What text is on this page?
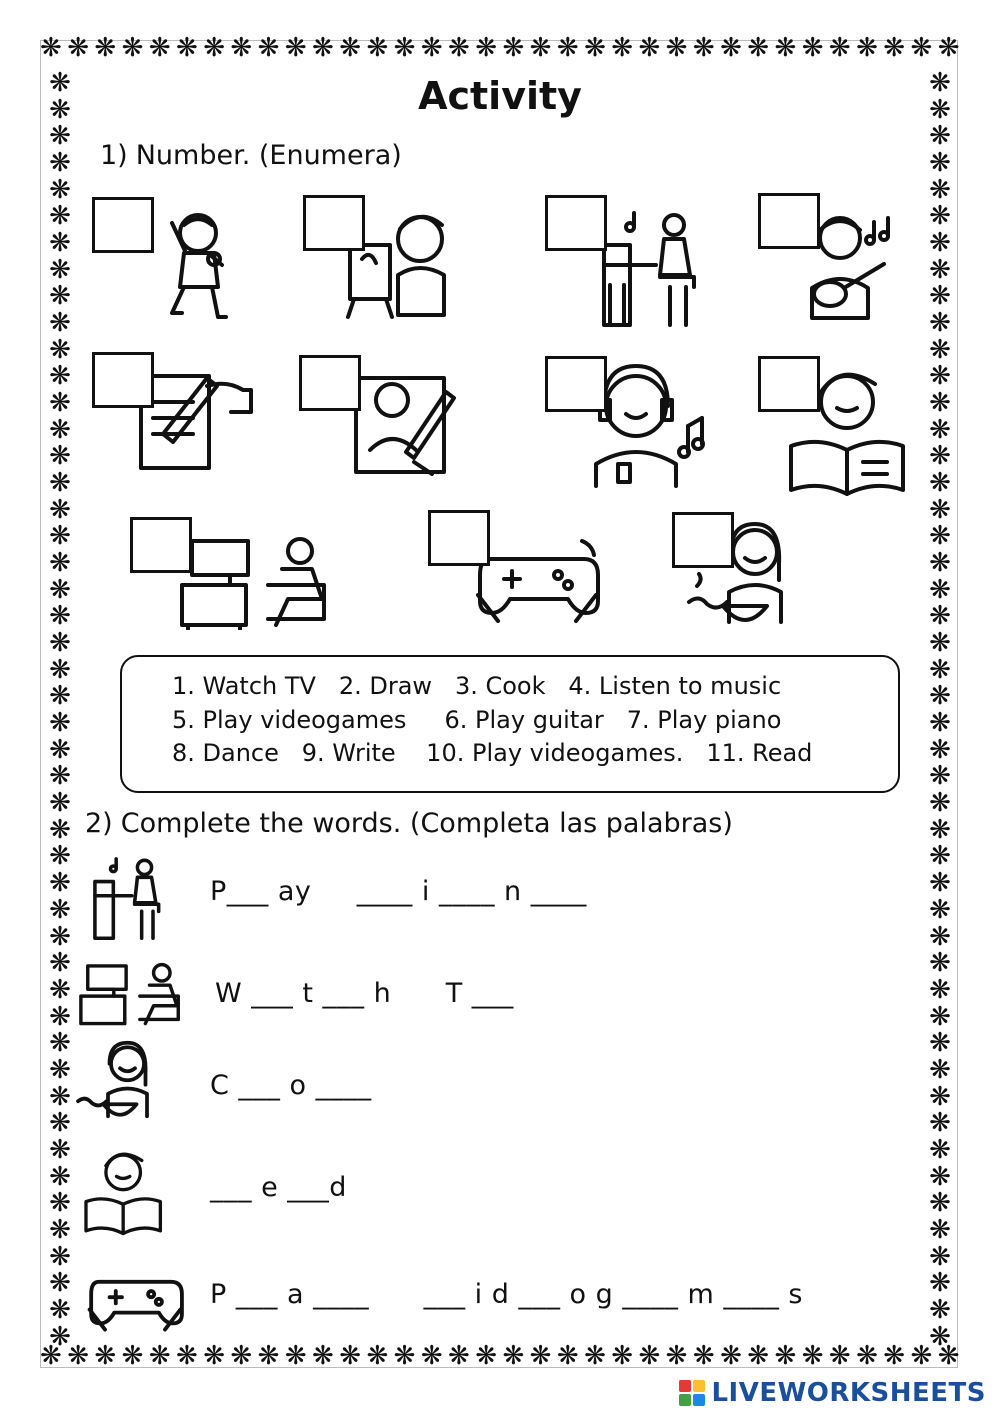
❋ ❋ ❋ ❋ ❋ ❋ ❋ ❋ ❋ ❋ ❋ ❋ ❋ ❋ ❋ ❋ ❋ ❋ ❋ ❋ ❋ ❋ ❋ ❋ ❋ ❋ ❋ ❋ ❋ ❋ ❋ ❋ ❋ ❋
❋ ❋ ❋ ❋ ❋ ❋ ❋ ❋ ❋ ❋ ❋ ❋ ❋ ❋ ❋ ❋ ❋ ❋ ❋ ❋ ❋ ❋ ❋ ❋ ❋ ❋ ❋ ❋ ❋ ❋ ❋ ❋ ❋ ❋
❋
❋
❋
❋
❋
❋
❋
❋
❋
❋
❋
❋
❋
❋
❋
❋
❋
❋
❋
❋
❋
❋
❋
❋
❋
❋
❋
❋
❋
❋
❋
❋
❋
❋
❋
❋
❋
❋
❋
❋
❋
❋
❋
❋
❋
❋
❋
❋
❋
❋
❋
❋
❋
❋
❋
❋
❋
❋
❋
❋
❋
❋
❋
❋
❋
❋
❋
❋
❋
❋
❋
❋
❋
❋
❋
❋
❋
❋
❋
❋
❋
❋
❋
❋
❋
❋
❋
❋
❋
❋
❋
❋
❋
❋
❋
❋
Activity
1) Number. (Enumera)
1. Watch TV   2. Draw   3. Cook   4. Listen to music
5. Play videogames     6. Play guitar   7. Play piano
8. Dance   9. Write    10. Play videogames.   11. Read
2) Complete the words. (Completa las palabras)
P___ ay     ____ i ____ n ____
W ___ t ___ h      T ___
C ___ o ____
___ e ___d
P ___ a ____      ___ i d ___ o g ____ m ____ s
LIVEWORKSHEETS
